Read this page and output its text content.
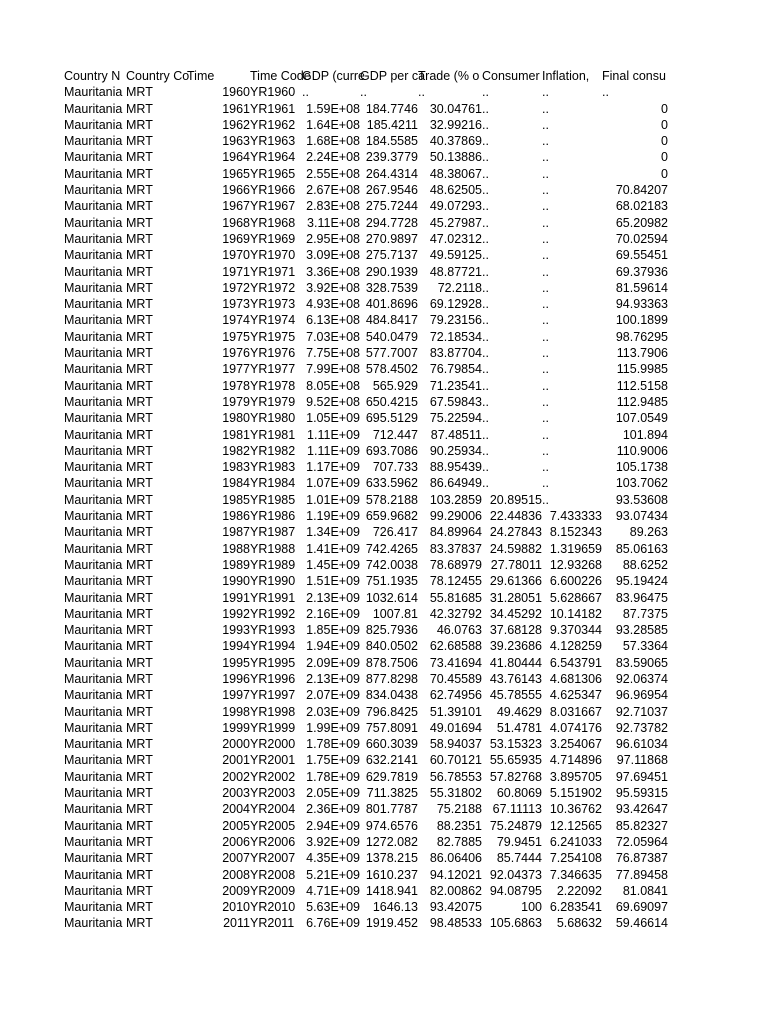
Country N	Country Co	Time	Time Code	GDP (curre	GDP per ca	Trade (% o	Consumer	Inflation,	Final consu
Mauritania	MRT	1960	YR1960	..	..	..	..	..	..
Mauritania	MRT	1961	YR1961	1.59E+08	184.7746	30.04761	..	..	0
Mauritania	MRT	1962	YR1962	1.64E+08	185.4211	32.99216	..	..	0
Mauritania	MRT	1963	YR1963	1.68E+08	184.5585	40.37869	..	..	0
Mauritania	MRT	1964	YR1964	2.24E+08	239.3779	50.13886	..	..	0
Mauritania	MRT	1965	YR1965	2.55E+08	264.4314	48.38067	..	..	0
Mauritania	MRT	1966	YR1966	2.67E+08	267.9546	48.62505	..	..	70.84207
Mauritania	MRT	1967	YR1967	2.83E+08	275.7244	49.07293	..	..	68.02183
Mauritania	MRT	1968	YR1968	3.11E+08	294.7728	45.27987	..	..	65.20982
Mauritania	MRT	1969	YR1969	2.95E+08	270.9897	47.02312	..	..	70.02594
Mauritania	MRT	1970	YR1970	3.09E+08	275.7137	49.59125	..	..	69.55451
Mauritania	MRT	1971	YR1971	3.36E+08	290.1939	48.87721	..	..	69.37936
Mauritania	MRT	1972	YR1972	3.92E+08	328.7539	72.2118	..	..	81.59614
Mauritania	MRT	1973	YR1973	4.93E+08	401.8696	69.12928	..	..	94.93363
Mauritania	MRT	1974	YR1974	6.13E+08	484.8417	79.23156	..	..	100.1899
Mauritania	MRT	1975	YR1975	7.03E+08	540.0479	72.18534	..	..	98.76295
Mauritania	MRT	1976	YR1976	7.75E+08	577.7007	83.87704	..	..	113.7906
Mauritania	MRT	1977	YR1977	7.99E+08	578.4502	76.79854	..	..	115.9985
Mauritania	MRT	1978	YR1978	8.05E+08	565.929	71.23541	..	..	112.5158
Mauritania	MRT	1979	YR1979	9.52E+08	650.4215	67.59843	..	..	112.9485
Mauritania	MRT	1980	YR1980	1.05E+09	695.5129	75.22594	..	..	107.0549
Mauritania	MRT	1981	YR1981	1.11E+09	712.447	87.48511	..	..	101.894
Mauritania	MRT	1982	YR1982	1.11E+09	693.7086	90.25934	..	..	110.9006
Mauritania	MRT	1983	YR1983	1.17E+09	707.733	88.95439	..	..	105.1738
Mauritania	MRT	1984	YR1984	1.07E+09	633.5962	86.64949	..	..	103.7062
Mauritania	MRT	1985	YR1985	1.01E+09	578.2188	103.2859	20.89515	..	93.53608
Mauritania	MRT	1986	YR1986	1.19E+09	659.9682	99.29006	22.44836	7.433333	93.07434
Mauritania	MRT	1987	YR1987	1.34E+09	726.417	84.89964	24.27843	8.152343	89.263
Mauritania	MRT	1988	YR1988	1.41E+09	742.4265	83.37837	24.59882	1.319659	85.06163
Mauritania	MRT	1989	YR1989	1.45E+09	742.0038	78.68979	27.78011	12.93268	88.6252
Mauritania	MRT	1990	YR1990	1.51E+09	751.1935	78.12455	29.61366	6.600226	95.19424
Mauritania	MRT	1991	YR1991	2.13E+09	1032.614	55.81685	31.28051	5.628667	83.96475
Mauritania	MRT	1992	YR1992	2.16E+09	1007.81	42.32792	34.45292	10.14182	87.7375
Mauritania	MRT	1993	YR1993	1.85E+09	825.7936	46.0763	37.68128	9.370344	93.28585
Mauritania	MRT	1994	YR1994	1.94E+09	840.0502	62.68588	39.23686	4.128259	57.3364
Mauritania	MRT	1995	YR1995	2.09E+09	878.7506	73.41694	41.80444	6.543791	83.59065
Mauritania	MRT	1996	YR1996	2.13E+09	877.8298	70.45589	43.76143	4.681306	92.06374
Mauritania	MRT	1997	YR1997	2.07E+09	834.0438	62.74956	45.78555	4.625347	96.96954
Mauritania	MRT	1998	YR1998	2.03E+09	796.8425	51.39101	49.4629	8.031667	92.71037
Mauritania	MRT	1999	YR1999	1.99E+09	757.8091	49.01694	51.4781	4.074176	92.73782
Mauritania	MRT	2000	YR2000	1.78E+09	660.3039	58.94037	53.15323	3.254067	96.61034
Mauritania	MRT	2001	YR2001	1.75E+09	632.2141	60.70121	55.65935	4.714896	97.11868
Mauritania	MRT	2002	YR2002	1.78E+09	629.7819	56.78553	57.82768	3.895705	97.69451
Mauritania	MRT	2003	YR2003	2.05E+09	711.3825	55.31802	60.8069	5.151902	95.59315
Mauritania	MRT	2004	YR2004	2.36E+09	801.7787	75.2188	67.11113	10.36762	93.42647
Mauritania	MRT	2005	YR2005	2.94E+09	974.6576	88.2351	75.24879	12.12565	85.82327
Mauritania	MRT	2006	YR2006	3.92E+09	1272.082	82.7885	79.9451	6.241033	72.05964
Mauritania	MRT	2007	YR2007	4.35E+09	1378.215	86.06406	85.7444	7.254108	76.87387
Mauritania	MRT	2008	YR2008	5.21E+09	1610.237	94.12021	92.04373	7.346635	77.89458
Mauritania	MRT	2009	YR2009	4.71E+09	1418.941	82.00862	94.08795	2.22092	81.0841
Mauritania	MRT	2010	YR2010	5.63E+09	1646.13	93.42075	100	6.283541	69.69097
Mauritania	MRT	2011	YR2011	6.76E+09	1919.452	98.48533	105.6863	5.68632	59.46614
